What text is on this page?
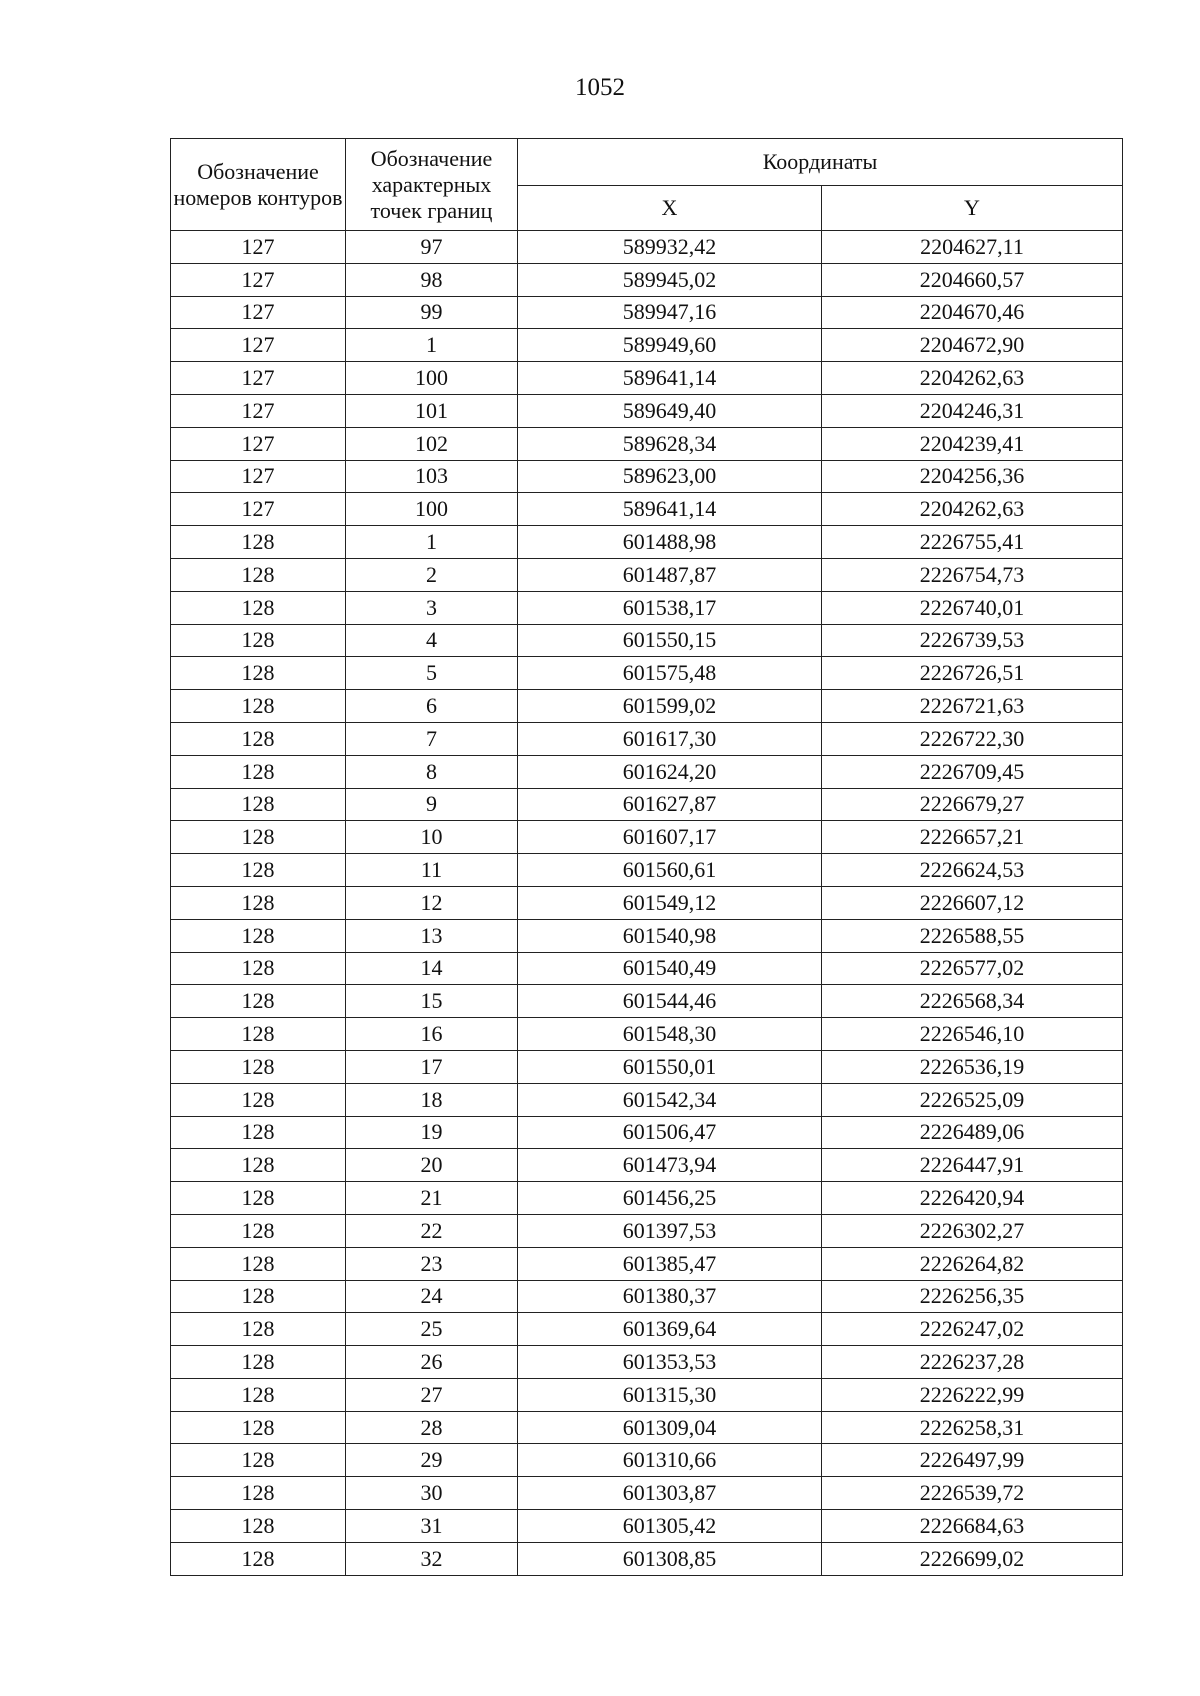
1052
Обозначение номеров контуров	Обозначение характерных точек границ	Координаты	
		X	Y
127	97	589932,42	2204627,11
127	98	589945,02	2204660,57
127	99	589947,16	2204670,46
127	1	589949,60	2204672,90
127	100	589641,14	2204262,63
127	101	589649,40	2204246,31
127	102	589628,34	2204239,41
127	103	589623,00	2204256,36
127	100	589641,14	2204262,63
128	1	601488,98	2226755,41
128	2	601487,87	2226754,73
128	3	601538,17	2226740,01
128	4	601550,15	2226739,53
128	5	601575,48	2226726,51
128	6	601599,02	2226721,63
128	7	601617,30	2226722,30
128	8	601624,20	2226709,45
128	9	601627,87	2226679,27
128	10	601607,17	2226657,21
128	11	601560,61	2226624,53
128	12	601549,12	2226607,12
128	13	601540,98	2226588,55
128	14	601540,49	2226577,02
128	15	601544,46	2226568,34
128	16	601548,30	2226546,10
128	17	601550,01	2226536,19
128	18	601542,34	2226525,09
128	19	601506,47	2226489,06
128	20	601473,94	2226447,91
128	21	601456,25	2226420,94
128	22	601397,53	2226302,27
128	23	601385,47	2226264,82
128	24	601380,37	2226256,35
128	25	601369,64	2226247,02
128	26	601353,53	2226237,28
128	27	601315,30	2226222,99
128	28	601309,04	2226258,31
128	29	601310,66	2226497,99
128	30	601303,87	2226539,72
128	31	601305,42	2226684,63
128	32	601308,85	2226699,02
